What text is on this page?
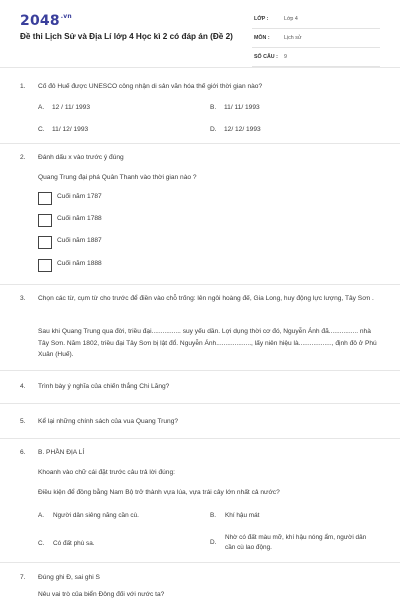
$2048^{.vn}$
Đề thi Lịch Sử và Địa Lí lớp 4 Học kì 2 có đáp án (Đề 2)
LỚP :	Lớp 4
MÔN :	Lịch sử
SỐ CÂU : 9
1. Cố đô Huế được UNESCO công nhận di sản văn hóa thế giới thời gian nào?
A. 12 / 11/ 1993	B. 11/ 11/ 1993
C. 11/ 12/ 1993	D. 12/ 12/ 1993
2. Đánh dấu x vào trước ý đúng
Quang Trung đại phá Quân Thanh vào thời gian nào ?
Cuối năm 1787
Cuối năm 1788
Cuối năm 1887
Cuối năm 1888
3. Chọn các từ, cụm từ cho trước để điền vào chỗ trống: lên ngôi hoàng đế, Gia Long, huy động lực lượng, Tây Sơn .
Sau khi Quang Trung qua đời, triều đại................ suy yếu dần. Lợi dụng thời cơ đó, Nguyễn Ánh đã................ nhà Tây Sơn. Năm 1802, triều đại Tây Sơn bị lật đổ. Nguyễn Ánh..................., lấy niên hiệu là.................., định đô ở Phú Xuân (Huế).
4. Trình bày ý nghĩa của chiến thắng Chi Lăng?
5. Kể lại những chính sách của vua Quang Trung?
6. B. PHẦN ĐỊA LÍ
Khoanh vào chữ cái đặt trước câu trả lời đúng:
Điều kiện để đồng bằng Nam Bộ trở thành vựa lúa, vựa trái cây lớn nhất cả nước?
A. Người dân siêng năng cần cù.	B. Khí hậu mát
C. Có đất phù sa.	D.
Nhờ có đất màu mỡ, khí hậu nóng ẩm, người dân cần cù lao động.
7. Đúng ghi Đ, sai ghi S
Nêu vai trò của biển Đông đối với nước ta?
